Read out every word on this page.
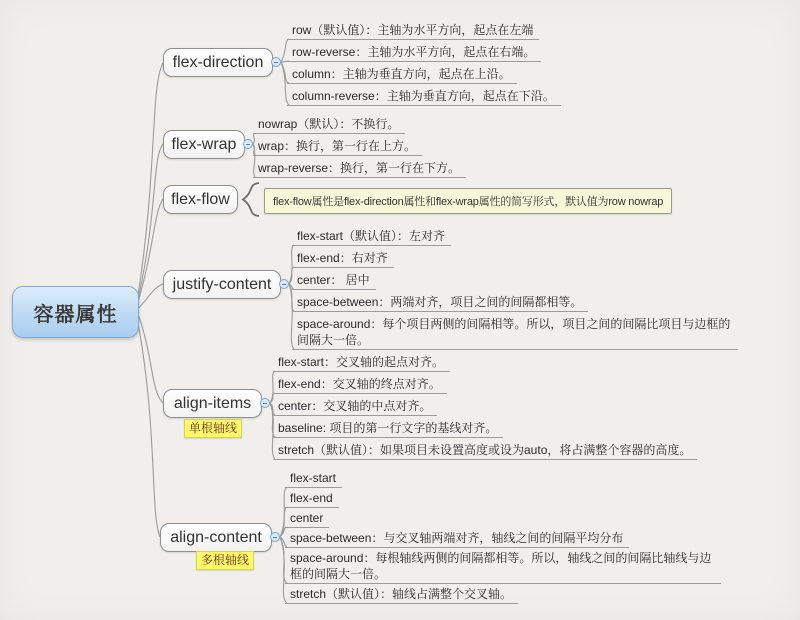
容器属性
flex-direction
flex-wrap
flex-flow
justify-content
align-items
align-content
row（默认值）：主轴为水平方向，起点在左端
row-reverse：主轴为水平方向，起点在右端。
column：主轴为垂直方向，起点在上沿。
column-reverse：主轴为垂直方向，起点在下沿。
nowrap（默认）：不换行。
wrap：换行，第一行在上方。
wrap-reverse：换行，第一行在下方。
flex-flow属性是flex-direction属性和flex-wrap属性的简写形式，默认值为row nowrap
flex-start（默认值）：左对齐
flex-end：右对齐
center： 居中
space-between：两端对齐，项目之间的间隔都相等。
space-around：每个项目两侧的间隔相等。所以，项目之间的间隔比项目与边框的间隔大一倍。
flex-start：交叉轴的起点对齐。
flex-end：交叉轴的终点对齐。
center：交叉轴的中点对齐。
baseline: 项目的第一行文字的基线对齐。
stretch（默认值）：如果项目未设置高度或设为auto，将占满整个容器的高度。
单根轴线
flex-start
flex-end
center
space-between：与交叉轴两端对齐，轴线之间的间隔平均分布
space-around：每根轴线两侧的间隔都相等。所以，轴线之间的间隔比轴线与边框的间隔大一倍。
stretch（默认值）：轴线占满整个交叉轴。
多根轴线
